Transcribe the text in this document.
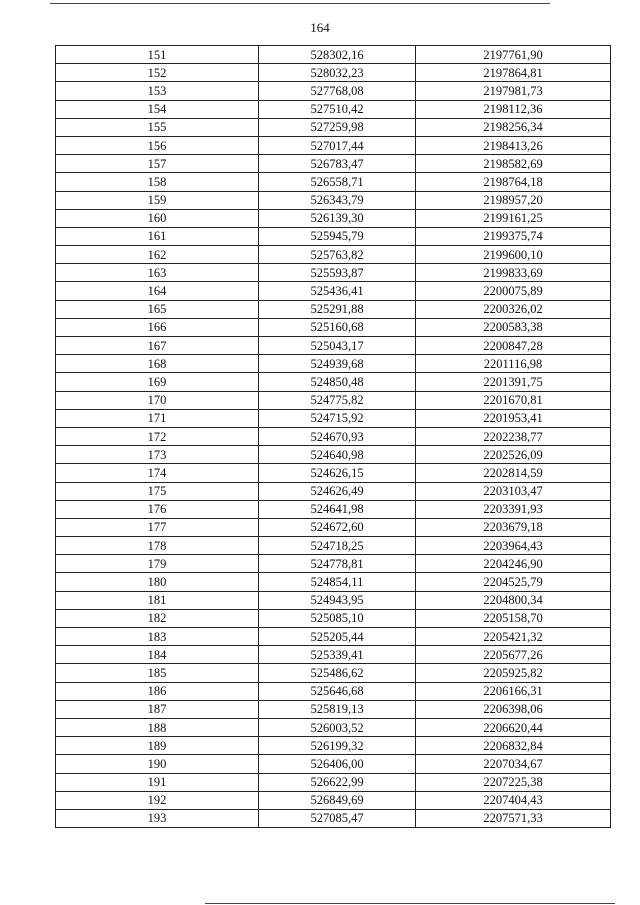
164
151	528302,16	2197761,90
152	528032,23	2197864,81
153	527768,08	2197981,73
154	527510,42	2198112,36
155	527259,98	2198256,34
156	527017,44	2198413,26
157	526783,47	2198582,69
158	526558,71	2198764,18
159	526343,79	2198957,20
160	526139,30	2199161,25
161	525945,79	2199375,74
162	525763,82	2199600,10
163	525593,87	2199833,69
164	525436,41	2200075,89
165	525291,88	2200326,02
166	525160,68	2200583,38
167	525043,17	2200847,28
168	524939,68	2201116,98
169	524850,48	2201391,75
170	524775,82	2201670,81
171	524715,92	2201953,41
172	524670,93	2202238,77
173	524640,98	2202526,09
174	524626,15	2202814,59
175	524626,49	2203103,47
176	524641,98	2203391,93
177	524672,60	2203679,18
178	524718,25	2203964,43
179	524778,81	2204246,90
180	524854,11	2204525,79
181	524943,95	2204800,34
182	525085,10	2205158,70
183	525205,44	2205421,32
184	525339,41	2205677,26
185	525486,62	2205925,82
186	525646,68	2206166,31
187	525819,13	2206398,06
188	526003,52	2206620,44
189	526199,32	2206832,84
190	526406,00	2207034,67
191	526622,99	2207225,38
192	526849,69	2207404,43
193	527085,47	2207571,33
